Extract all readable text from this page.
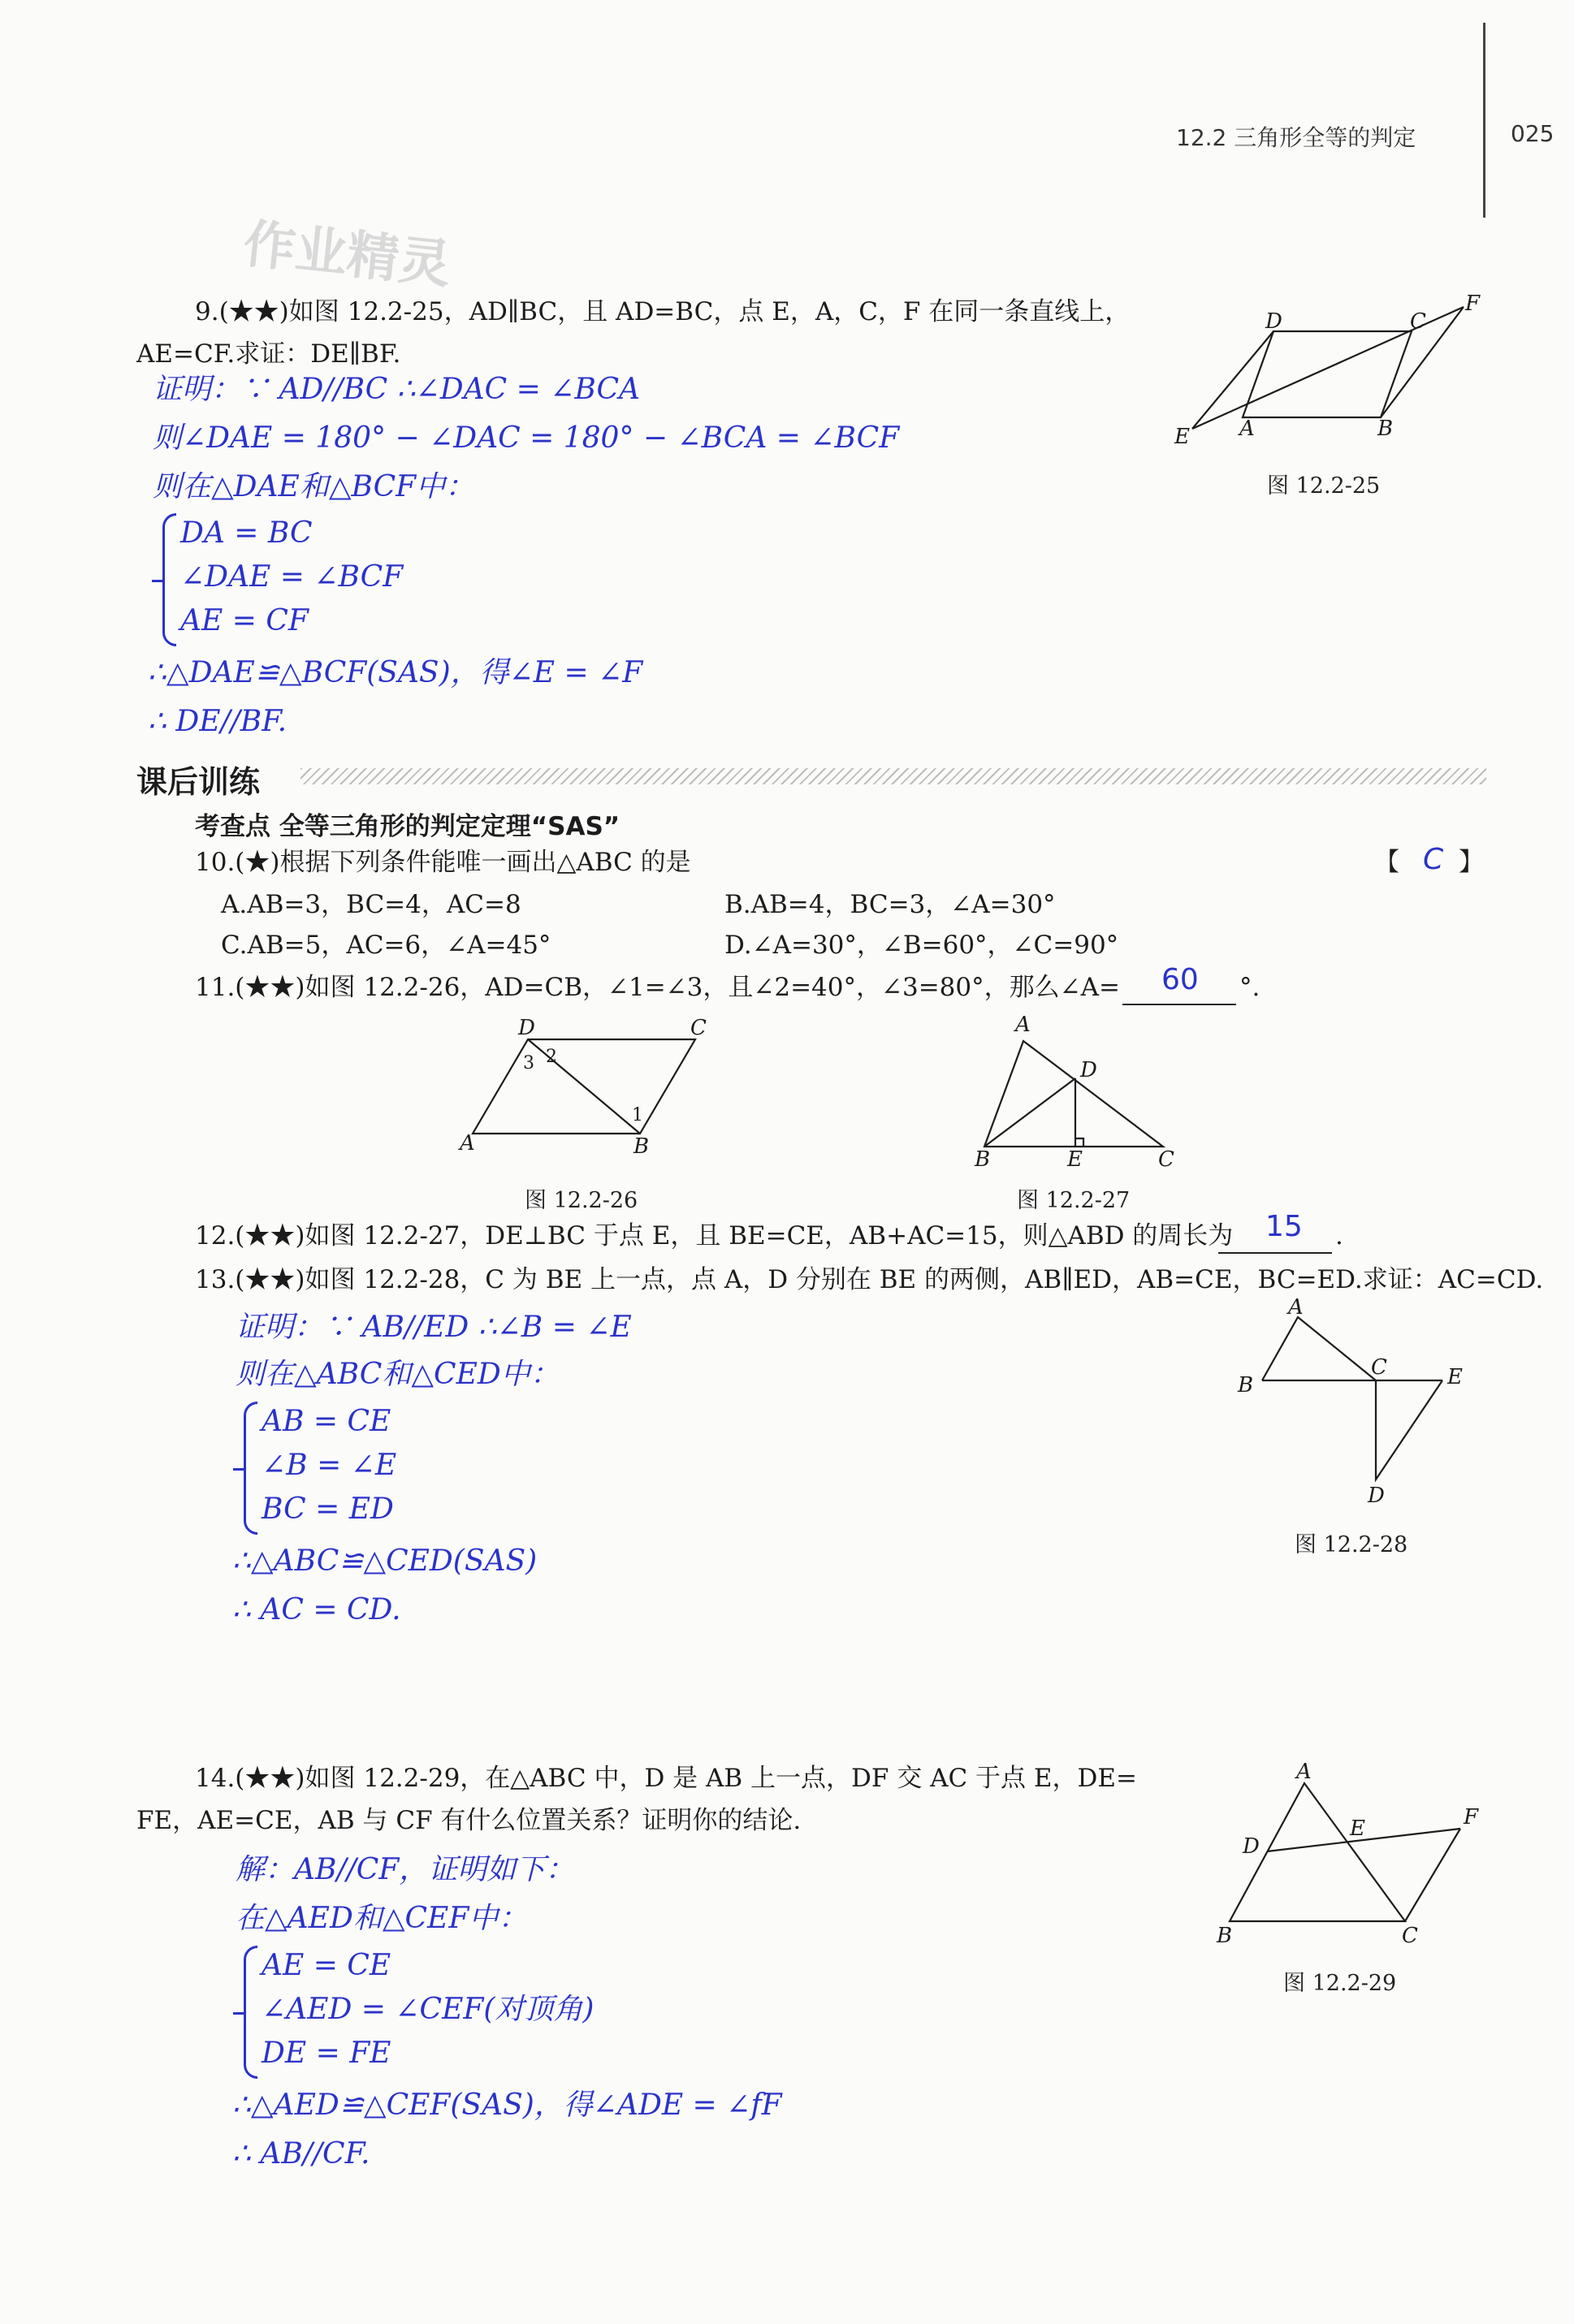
12.2 三角形全等的判定	025
作业精灵
9.(★★)如图 12.2-25，AD∥BC，且 AD=BC，点 E，A，C，F 在同一条直线上，
AE=CF.求证：DE∥BF.
证明：∵ AD//BC ∴∠DAC = ∠BCA
则∠DAE = 180° − ∠DAC = 180° − ∠BCA = ∠BCF
则在△DAE和△BCF中：
DA = BC
∠DAE = ∠BCF
AE = CF
∴△DAE≌△BCF(SAS)，得∠E = ∠F
∴ DE//BF.
D	C
F
E A	B
图 12.2-25
课后训练
考查点 全等三角形的判定定理“SAS”
10.(★)根据下列条件能唯一画出△ABC 的是	【 C 】
A.AB=3，BC=4，AC=8	B.AB=4，BC=3，∠A=30°
C.AB=5，AC=6，∠A=45°	D.∠A=30°，∠B=60°，∠C=90°
11.(★★)如图 12.2-26，AD=CB，∠1=∠3，且∠2=40°，∠3=80°，那么∠A=
60 °.
D	C
A	B
3 2
1
图 12.2-26
A
D
B	E	C
图 12.2-27
12.(★★)如图 12.2-27，DE⊥BC 于点 E，且 BE=CE，AB+AC=15，则△ABD 的周长为
15 .
13.(★★)如图 12.2-28，C 为 BE 上一点，点 A，D 分别在 BE 的两侧，AB∥ED，AB=CE，BC=ED.求证：AC=CD.
证明：∵ AB//ED ∴∠B = ∠E
则在△ABC和△CED中：
AB = CE
∠B = ∠E
BC = ED
∴△ABC≌△CED(SAS)
∴ AC = CD.
A
B
C	E
D
图 12.2-28
14.(★★)如图 12.2-29，在△ABC 中，D 是 AB 上一点，DF 交 AC 于点 E，DE=
FE，AE=CE，AB 与 CF 有什么位置关系？证明你的结论.
解：AB//CF，证明如下：
在△AED和△CEF中：
AE = CE
∠AED = ∠CEF(对顶角)
DE = FE
∴△AED≌△CEF(SAS)，得∠ADE = ∠fF
∴ AB//CF.
A
D
E	F
B	C
图 12.2-29
